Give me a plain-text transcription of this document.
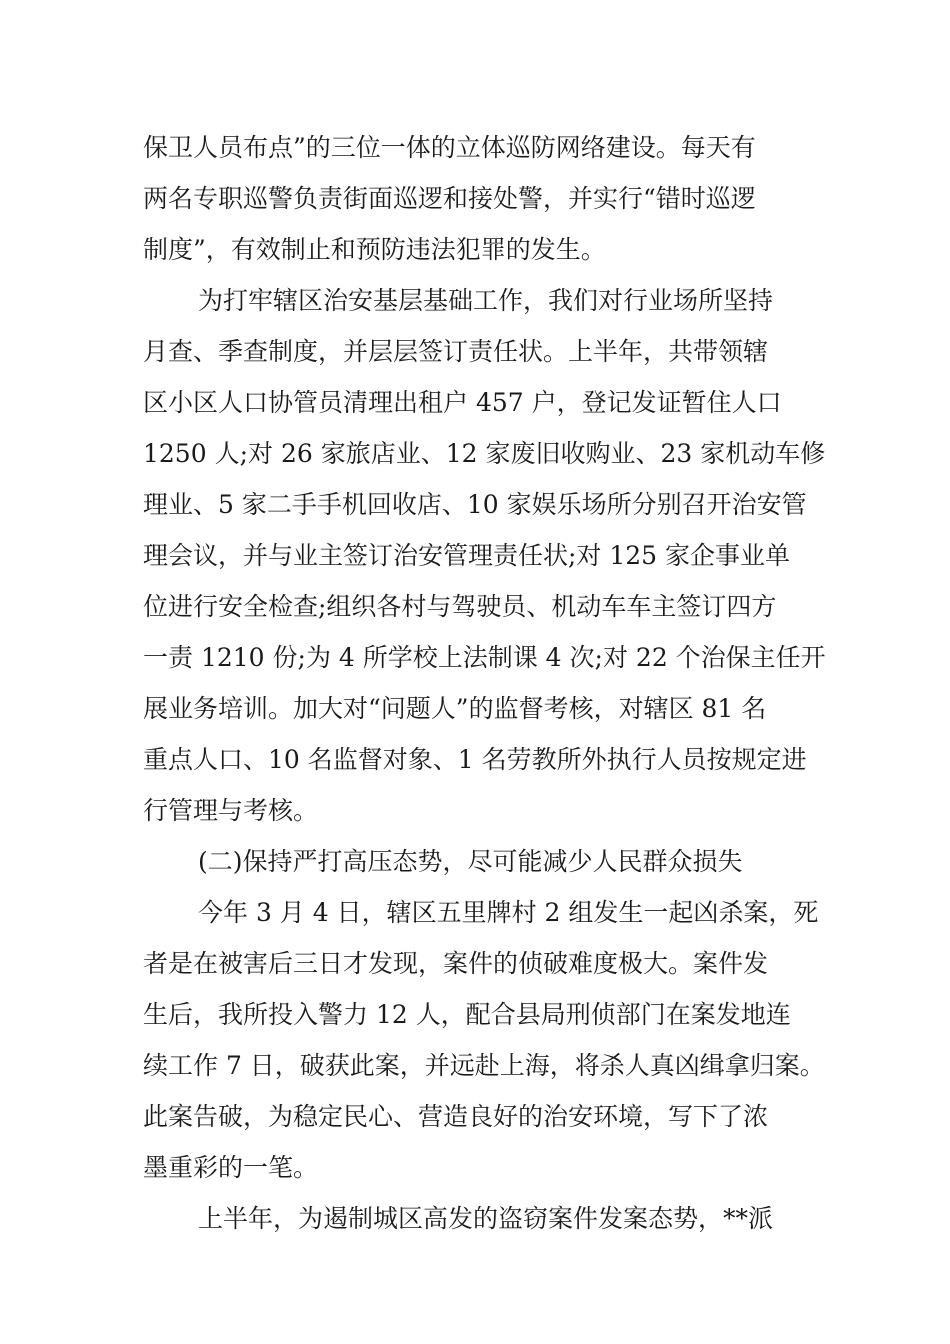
保卫人员布点”的三位一体的立体巡防网络建设。每天有
两名专职巡警负责街面巡逻和接处警，并实行“错时巡逻
制度”，有效制止和预防违法犯罪的发生。
为打牢辖区治安基层基础工作，我们对行业场所坚持
月查、季查制度，并层层签订责任状。上半年，共带领辖
区小区人口协管员清理出租户 457 户，登记发证暂住人口
1250 人;对 26 家旅店业、12 家废旧收购业、23 家机动车修
理业、5 家二手手机回收店、10 家娱乐场所分别召开治安管
理会议，并与业主签订治安管理责任状;对 125 家企事业单
位进行安全检查;组织各村与驾驶员、机动车车主签订四方
一责 1210 份;为 4 所学校上法制课 4 次;对 22 个治保主任开
展业务培训。加大对“问题人”的监督考核，对辖区 81 名
重点人口、10 名监督对象、1 名劳教所外执行人员按规定进
行管理与考核。
(二)保持严打高压态势，尽可能减少人民群众损失
今年 3 月 4 日，辖区五里牌村 2 组发生一起凶杀案，死
者是在被害后三日才发现，案件的侦破难度极大。案件发
生后，我所投入警力 12 人，配合县局刑侦部门在案发地连
续工作 7 日，破获此案，并远赴上海，将杀人真凶缉拿归案。
此案告破，为稳定民心、营造良好的治安环境，写下了浓
墨重彩的一笔。
上半年，为遏制城区高发的盗窃案件发案态势，**派
